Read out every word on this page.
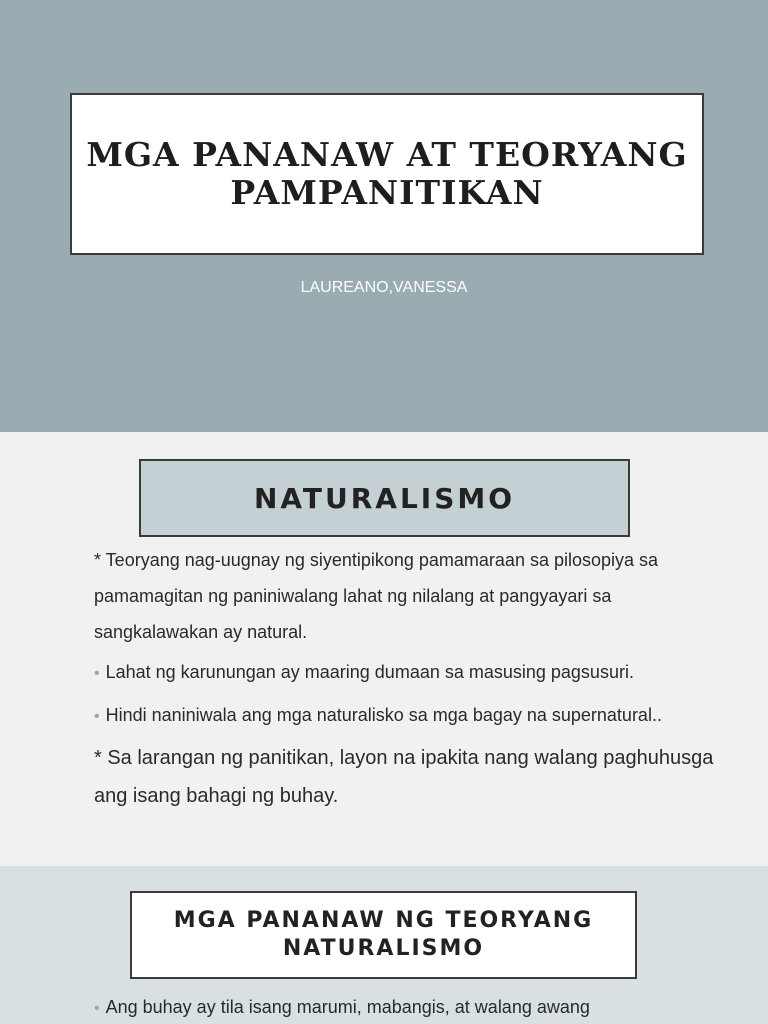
MGA PANANAW AT TEORYANG
PAMPANITIKAN
LAUREANO,VANESSA
NATURALISMO

* Teoryang nag-uugnay ng siyentipikong pamamaraan sa pilosopiya sa pamamagitan ng paniniwalang lahat ng nilalang at pangyayari sa sangkalawakan ay natural.

• Lahat ng karunungan ay maaring dumaan sa masusing pagsusuri.

• Hindi naniniwala ang mga naturalisko sa mga bagay na supernatural..

* Sa larangan ng panitikan, layon na ipakita nang walang paghuhusga ang isang bahagi ng buhay.

MGA PANANAW NG TEORYANG
NATURALISMO

• Ang buhay ay tila isang marumi, mabangis, at walang awang
